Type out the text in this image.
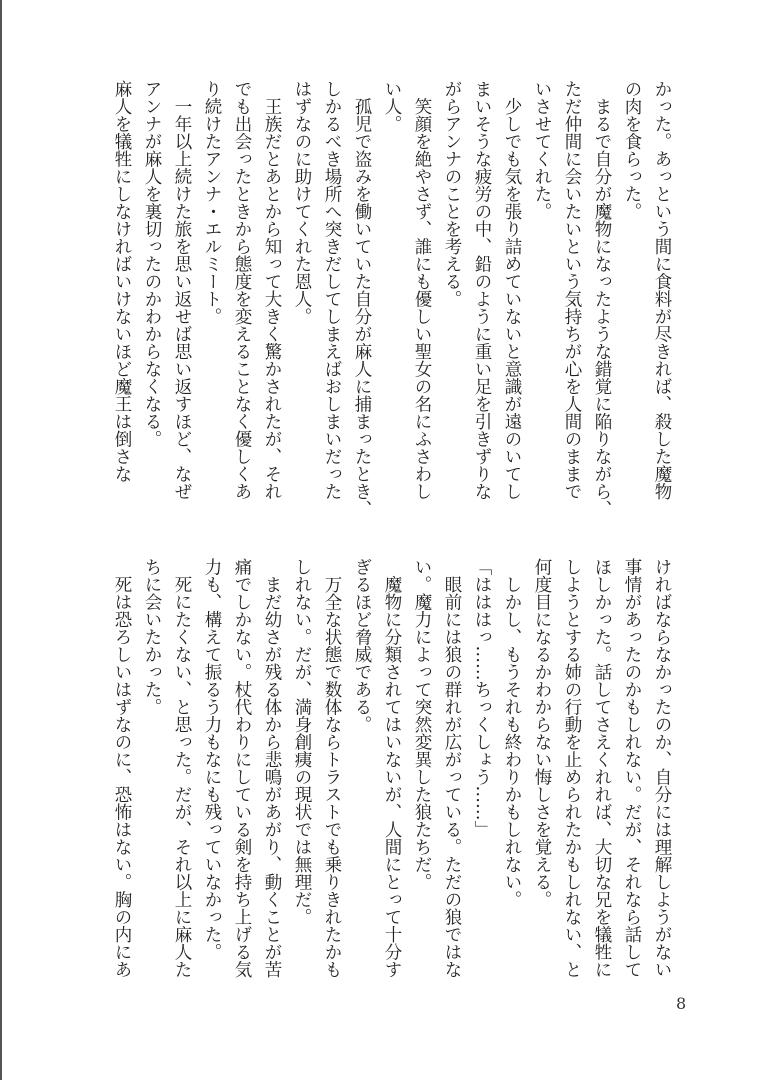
かった。あっという間に食料が尽きれば、殺した魔物
の肉を食らった。
　まるで自分が魔物になったような錯覚に陥りながら、
ただ仲間に会いたいという気持ちが心を人間のままで
いさせてくれた。
　少しでも気を張り詰めていないと意識が遠のいてし
まいそうな疲労の中、鉛のように重い足を引きずりな
がらアンナのことを考える。
　笑顔を絶やさず、誰にも優しい聖女の名にふさわし
い人。
　孤児で盗みを働いていた自分が麻人に捕まったとき、
しかるべき場所へ突きだしてしまえばおしまいだった
はずなのに助けてくれた恩人。
　王族だとあとから知って大きく驚かされたが、それ
でも出会ったときから態度を変えることなく優しくあ
り続けたアンナ・エルミート。
　一年以上続けた旅を思い返せば思い返すほど、なぜ
アンナが麻人を裏切ったのかわからなくなる。
麻人を犠牲にしなければいけないほど魔王は倒さな
ければならなかったのか、自分には理解しようがない
事情があったのかもしれない。だが、それなら話して
ほしかった。話してさえくれれば、大切な兄を犠牲に
しようとする姉の行動を止められたかもしれない、と
何度目になるかわからない悔しさを覚える。
　しかし、もうそれも終わりかもしれない。
「はははっ……ちっくしょう……」
　眼前には狼の群れが広がっている。ただの狼ではな
い。魔力によって突然変異した狼たちだ。
　魔物に分類されてはいないが、人間にとって十分す
ぎるほど脅威である。
　万全な状態で数体ならトラストでも乗りきれたかも
しれない。だが、満身創痍の現状では無理だ。
　まだ幼さが残る体から悲鳴があがり、動くことが苦
痛でしかない。杖代わりにしている剣を持ち上げる気
力も、構えて振るう力もなにも残っていなかった。
　死にたくない、と思った。だが、それ以上に麻人た
ちに会いたかった。
　死は恐ろしいはずなのに、恐怖はない。胸の内にあ
8
